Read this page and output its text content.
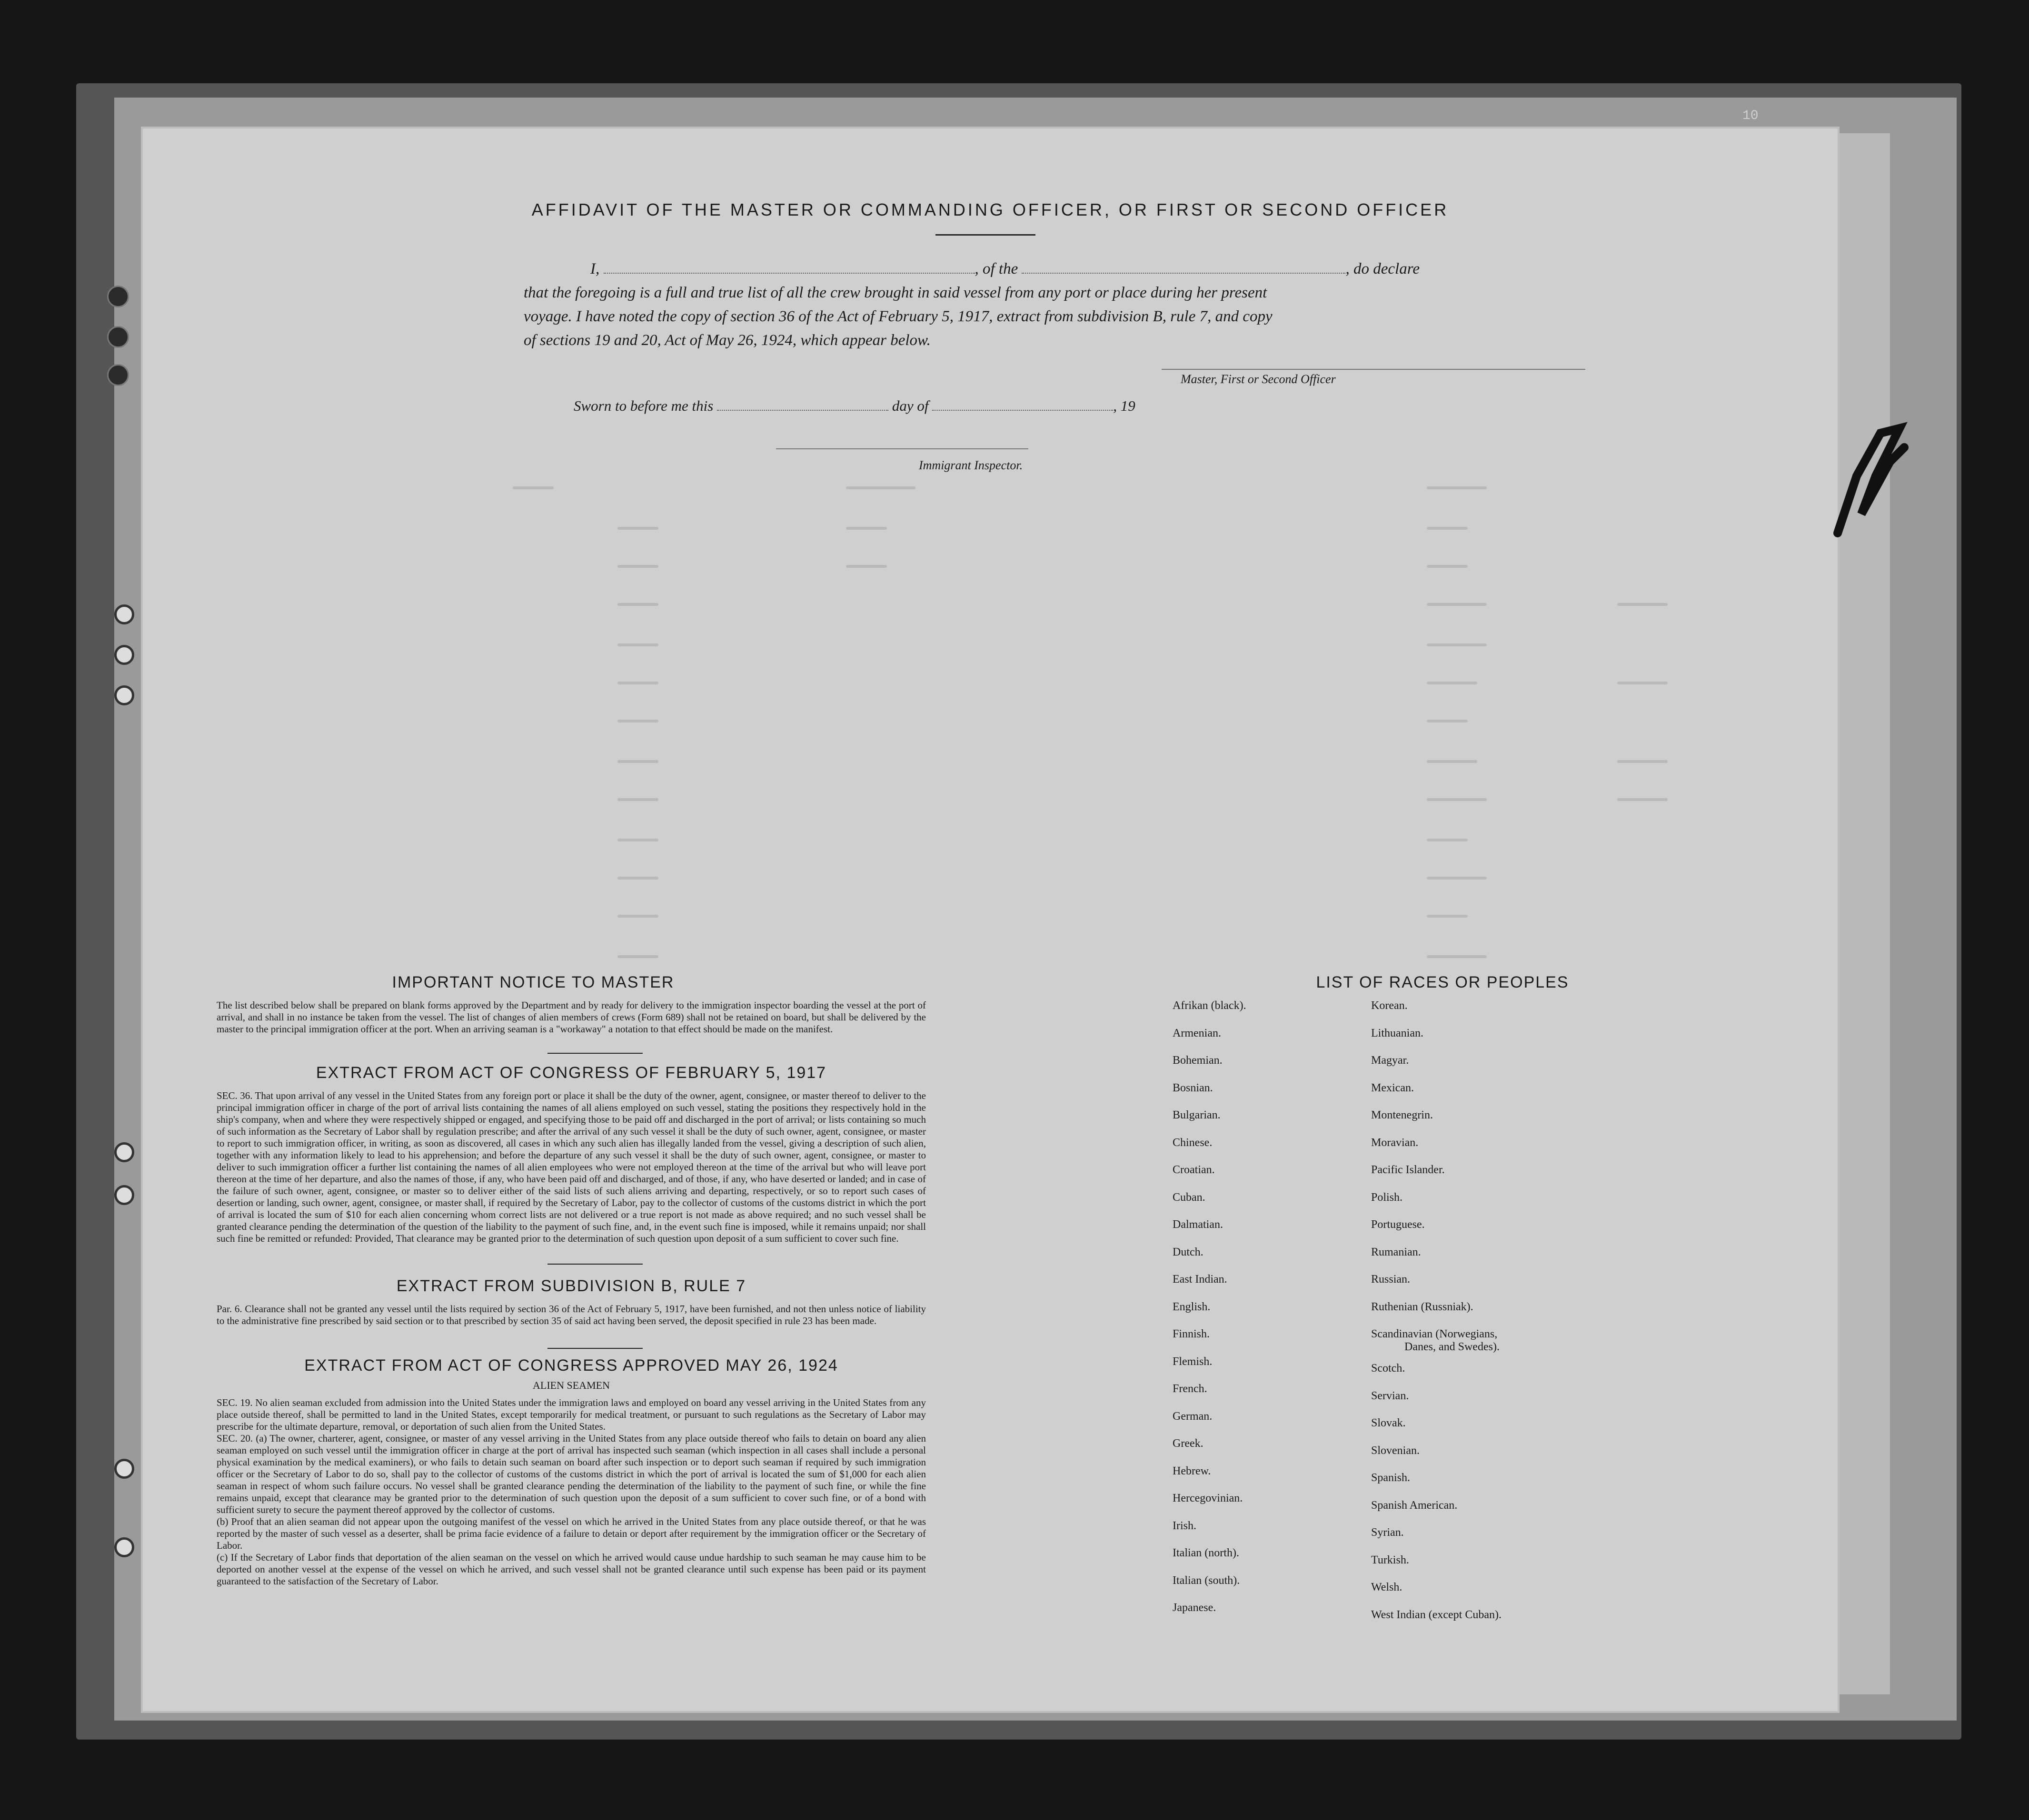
10
AFFIDAVIT OF THE MASTER OR COMMANDING OFFICER, OR FIRST OR SECOND OFFICER
I,	, of the	, do declare
that the foregoing is a full and true list of all the crew brought in said vessel from any port or place during her present
voyage. I have noted the copy of section 36 of the Act of February 5, 1917, extract from subdivision B, rule 7, and copy
of sections 19 and 20, Act of May 26, 1924, which appear below.
Master, First or Second Officer
Sworn to before me this	day of	, 19
Immigrant Inspector.
IMPORTANT NOTICE TO MASTER
The list described below shall be prepared on blank forms approved by the Department and by ready for delivery to the immigration inspector boarding the vessel at the port of arrival, and shall in no instance be taken from the vessel. The list of changes of alien members of crews (Form 689) shall not be retained on board, but shall be delivered by the master to the principal immigration officer at the port. When an arriving seaman is a "workaway" a notation to that effect should be made on the manifest.
EXTRACT FROM ACT OF CONGRESS OF FEBRUARY 5, 1917
SEC. 36. That upon arrival of any vessel in the United States from any foreign port or place it shall be the duty of the owner, agent, consignee, or master thereof to deliver to the principal immigration officer in charge of the port of arrival lists containing the names of all aliens employed on such vessel, stating the positions they respectively hold in the ship's company, when and where they were respectively shipped or engaged, and specifying those to be paid off and discharged in the port of arrival; or lists containing so much of such information as the Secretary of Labor shall by regulation prescribe; and after the arrival of any such vessel it shall be the duty of such owner, agent, consignee, or master to report to such immigration officer, in writing, as soon as discovered, all cases in which any such alien has illegally landed from the vessel, giving a description of such alien, together with any information likely to lead to his apprehension; and before the departure of any such vessel it shall be the duty of such owner, agent, consignee, or master to deliver to such immigration officer a further list containing the names of all alien employees who were not employed thereon at the time of the arrival but who will leave port thereon at the time of her departure, and also the names of those, if any, who have been paid off and discharged, and of those, if any, who have deserted or landed; and in case of the failure of such owner, agent, consignee, or master so to deliver either of the said lists of such aliens arriving and departing, respectively, or so to report such cases of desertion or landing, such owner, agent, consignee, or master shall, if required by the Secretary of Labor, pay to the collector of customs of the customs district in which the port of arrival is located the sum of $10 for each alien concerning whom correct lists are not delivered or a true report is not made as above required; and no such vessel shall be granted clearance pending the determination of the question of the liability to the payment of such fine, and, in the event such fine is imposed, while it remains unpaid; nor shall such fine be remitted or refunded: Provided, That clearance may be granted prior to the determination of such question upon deposit of a sum sufficient to cover such fine.
EXTRACT FROM SUBDIVISION B, RULE 7
Par. 6. Clearance shall not be granted any vessel until the lists required by section 36 of the Act of February 5, 1917, have been furnished, and not then unless notice of liability to the administrative fine prescribed by said section or to that prescribed by section 35 of said act having been served, the deposit specified in rule 23 has been made.
EXTRACT FROM ACT OF CONGRESS APPROVED MAY 26, 1924
ALIEN SEAMEN
SEC. 19. No alien seaman excluded from admission into the United States under the immigration laws and employed on board any vessel arriving in the United States from any place outside thereof, shall be permitted to land in the United States, except temporarily for medical treatment, or pursuant to such regulations as the Secretary of Labor may prescribe for the ultimate departure, removal, or deportation of such alien from the United States.
SEC. 20. (a) The owner, charterer, agent, consignee, or master of any vessel arriving in the United States from any place outside thereof who fails to detain on board any alien seaman employed on such vessel until the immigration officer in charge at the port of arrival has inspected such seaman (which inspection in all cases shall include a personal physical examination by the medical examiners), or who fails to detain such seaman on board after such inspection or to deport such seaman if required by such immigration officer or the Secretary of Labor to do so, shall pay to the collector of customs of the customs district in which the port of arrival is located the sum of $1,000 for each alien seaman in respect of whom such failure occurs. No vessel shall be granted clearance pending the determination of the liability to the payment of such fine, or while the fine remains unpaid, except that clearance may be granted prior to the determination of such question upon the deposit of a sum sufficient to cover such fine, or of a bond with sufficient surety to secure the payment thereof approved by the collector of customs.
(b) Proof that an alien seaman did not appear upon the outgoing manifest of the vessel on which he arrived in the United States from any place outside thereof, or that he was reported by the master of such vessel as a deserter, shall be prima facie evidence of a failure to detain or deport after requirement by the immigration officer or the Secretary of Labor.
(c) If the Secretary of Labor finds that deportation of the alien seaman on the vessel on which he arrived would cause undue hardship to such seaman he may cause him to be deported on another vessel at the expense of the vessel on which he arrived, and such vessel shall not be granted clearance until such expense has been paid or its payment guaranteed to the satisfaction of the Secretary of Labor.
LIST OF RACES OR PEOPLES
Afrikan (black).
Armenian.
Bohemian.
Bosnian.
Bulgarian.
Chinese.
Croatian.
Cuban.
Dalmatian.
Dutch.
East Indian.
English.
Finnish.
Flemish.
French.
German.
Greek.
Hebrew.
Hercegovinian.
Irish.
Italian (north).
Italian (south).
Japanese.
Korean.
Lithuanian.
Magyar.
Mexican.
Montenegrin.
Moravian.
Pacific Islander.
Polish.
Portuguese.
Rumanian.
Russian.
Ruthenian (Russniak).
Scandinavian (Norwegians,
Danes, and Swedes).
Scotch.
Servian.
Slovak.
Slovenian.
Spanish.
Spanish American.
Syrian.
Turkish.
Welsh.
West Indian (except Cuban).
